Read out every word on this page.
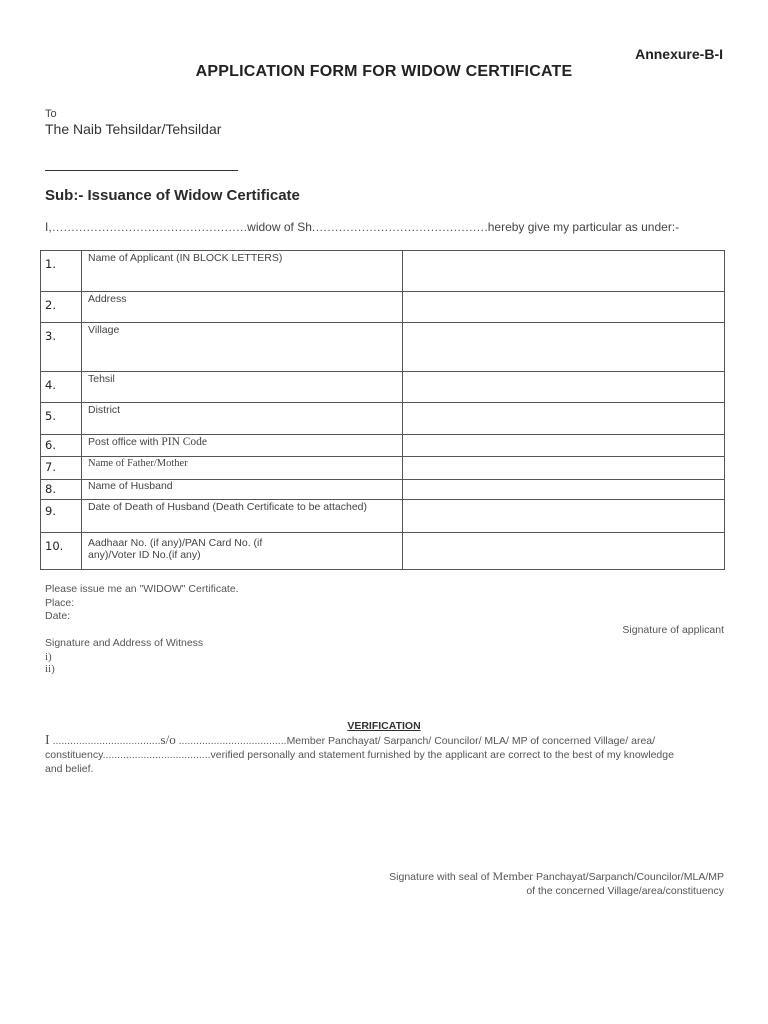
Annexure-B-I
APPLICATION FORM FOR WIDOW CERTIFICATE
To
The Naib Tehsildar/Tehsildar
Sub:- Issuance of Widow Certificate
I,……………………………………………widow of Sh.………………………………………hereby give my particular as under:-
1.	Name of Applicant (IN BLOCK LETTERS)	
2.	Address	
3.	Village	
4.	Tehsil	
5.	District	
6.	Post office with PIN Code	
7.	Name of Father/Mother	
8.	Name of Husband	
9.	Date of Death of Husband (Death Certificate to be attached)	
10.	Aadhaar No. (if any)/PAN Card No. (if
any)/Voter ID No.(if any)	

Please issue me an "WIDOW" Certificate.
Place:
Date:
Signature of applicant
Signature and Address of Witness
i)
ii)
VERIFICATION
I .....................................s/o .....................................Member Panchayat/ Sarpanch/ Councilor/ MLA/ MP of concerned Village/ area/
constituency.....................................verified personally and statement furnished by the applicant are correct to the best of my knowledge
and belief.
Signature with seal of Member Panchayat/Sarpanch/Councilor/MLA/MP
of the concerned Village/area/constituency
